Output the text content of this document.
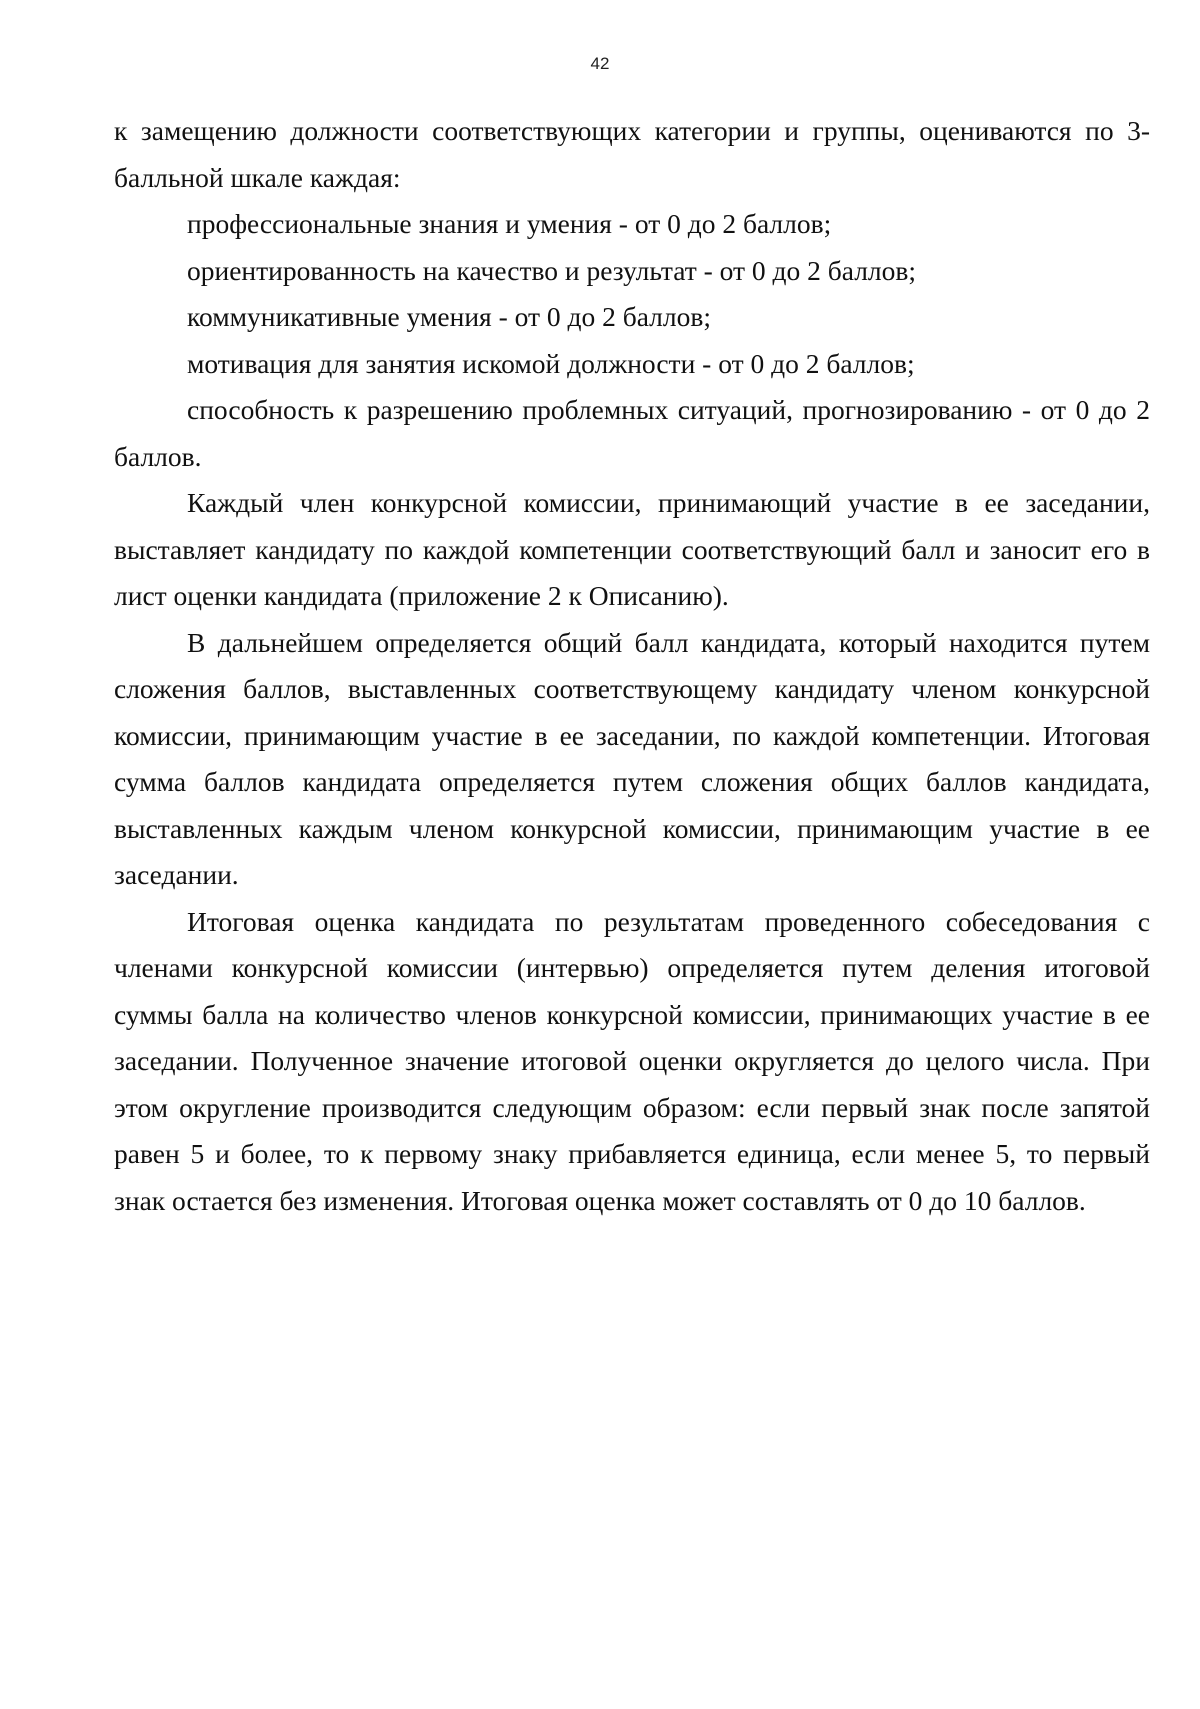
42

к замещению должности соответствующих категории и группы, оцениваются по 3-балльной шкале каждая:

профессиональные знания и умения - от 0 до 2 баллов;

ориентированность на качество и результат - от 0 до 2 баллов;

коммуникативные умения - от 0 до 2 баллов;

мотивация для занятия искомой должности - от 0 до 2 баллов;

способность к разрешению проблемных ситуаций, прогнозированию - от 0 до 2 баллов.

Каждый член конкурсной комиссии, принимающий участие в ее заседании, выставляет кандидату по каждой компетенции соответствующий балл и заносит его в лист оценки кандидата (приложение 2 к Описанию).

В дальнейшем определяется общий балл кандидата, который находится путем сложения баллов, выставленных соответствующему кандидату членом конкурсной комиссии, принимающим участие в ее заседании, по каждой компетенции. Итоговая сумма баллов кандидата определяется путем сложения общих баллов кандидата, выставленных каждым членом конкурсной комиссии, принимающим участие в ее заседании.

Итоговая оценка кандидата по результатам проведенного собеседования с членами конкурсной комиссии (интервью) определяется путем деления итоговой суммы балла на количество членов конкурсной комиссии, принимающих участие в ее заседании. Полученное значение итоговой оценки округляется до целого числа. При этом округление производится следующим образом: если первый знак после запятой равен 5 и более, то к первому знаку прибавляется единица, если менее 5, то первый знак остается без изменения. Итоговая оценка может составлять от 0 до 10 баллов.
